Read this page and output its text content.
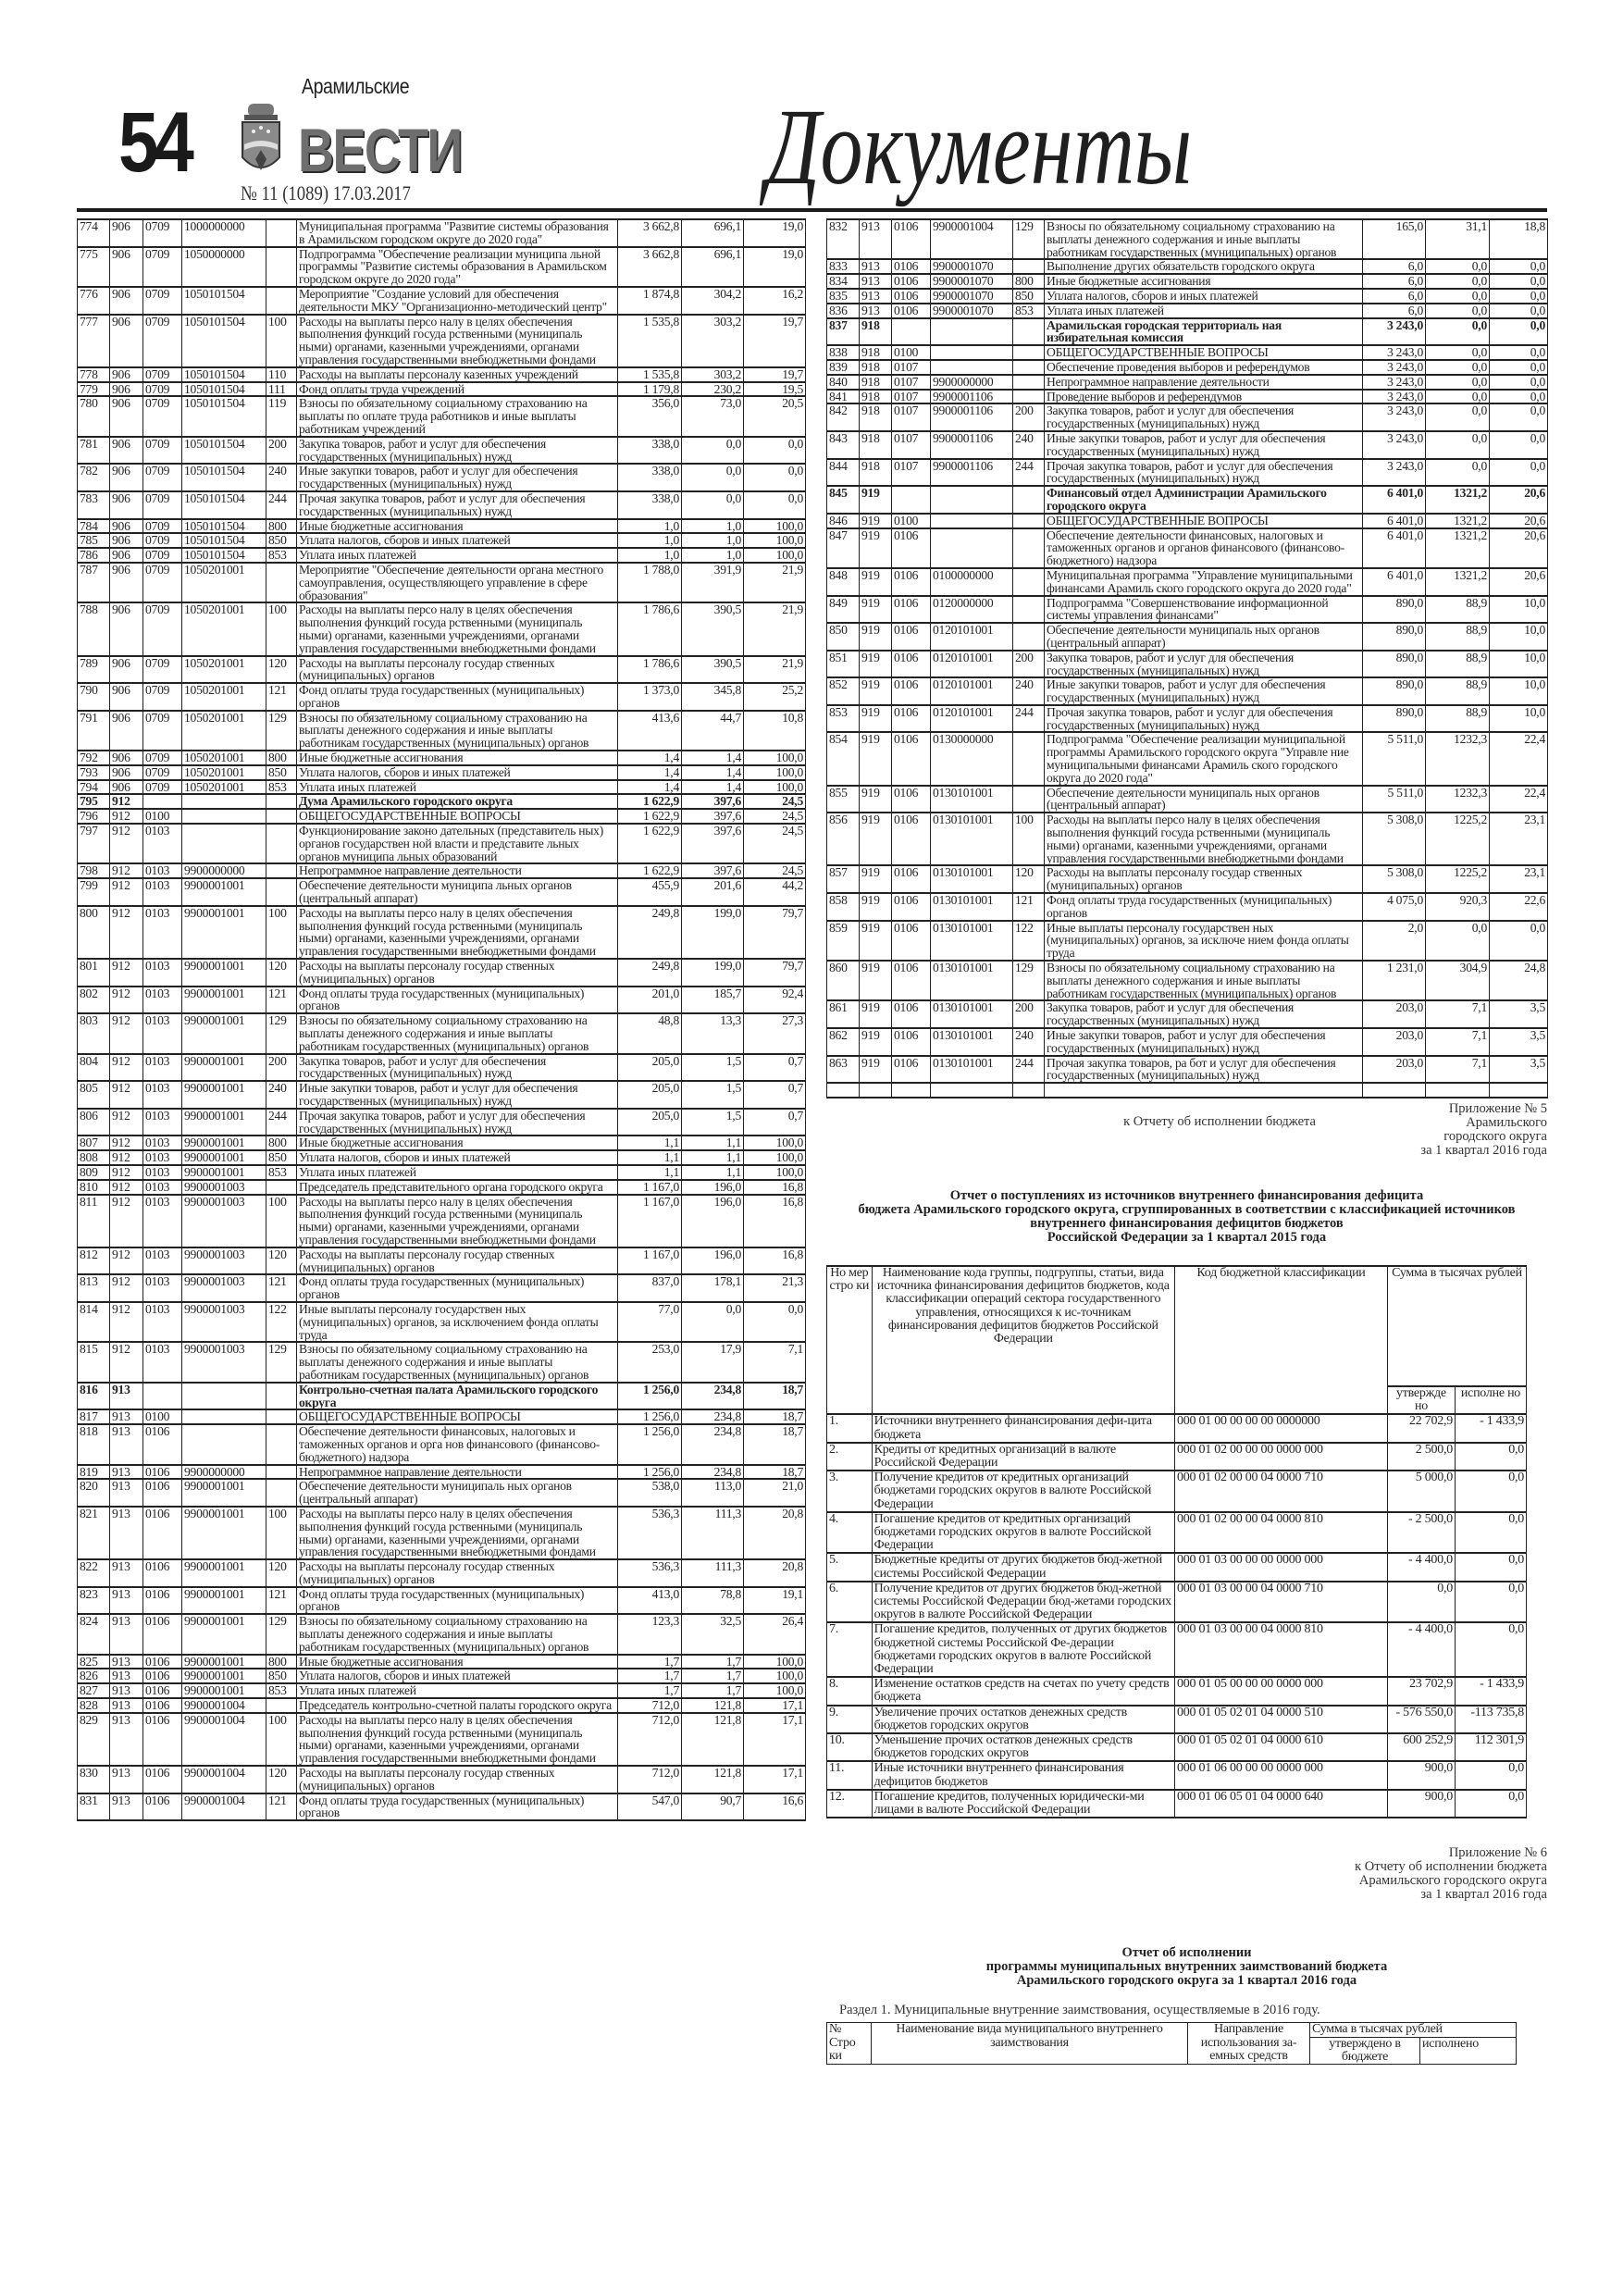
54
Арамильские
ВЕСТИ
№ 11 (1089) 17.03.2017	Документы
774	906	0709	1000000000		Муниципальная программа "Развитие системы образования в Арамильском городском округе до 2020 года"	3 662,8	696,1	19,0
775	906	0709	1050000000		Подпрограмма "Обеспечение реализации муниципа льной программы "Развитие системы образования в Арамильском городском округе до 2020 года"	3 662,8	696,1	19,0
776	906	0709	1050101504		Мероприятие "Создание условий для обеспечения деятельности МКУ "Организационно-методический центр"	1 874,8	304,2	16,2
777	906	0709	1050101504	100	Расходы на выплаты персо налу в целях обеспечения выполнения функций госуда рственными (муниципаль ными) органами, казенными учреждениями, органами управления государственными внебюджетными фондами	1 535,8	303,2	19,7
778	906	0709	1050101504	110	Расходы на выплаты персоналу казенных учреждений	1 535,8	303,2	19,7
779	906	0709	1050101504	111	Фонд оплаты труда учреждений	1 179,8	230,2	19,5
780	906	0709	1050101504	119	Взносы по обязательному социальному страхованию на выплаты по оплате труда работников и иные выплаты работникам учреждений	356,0	73,0	20,5
781	906	0709	1050101504	200	Закупка товаров, работ и услуг для обеспечения государственных (муниципальных) нужд	338,0	0,0	0,0
782	906	0709	1050101504	240	Иные закупки товаров, работ и услуг для обеспечения государственных (муниципальных) нужд	338,0	0,0	0,0
783	906	0709	1050101504	244	Прочая закупка товаров, работ и услуг для обеспечения государственных (муниципальных) нужд	338,0	0,0	0,0
784	906	0709	1050101504	800	Иные бюджетные ассигнования	1,0	1,0	100,0
785	906	0709	1050101504	850	Уплата налогов, сборов и иных платежей	1,0	1,0	100,0
786	906	0709	1050101504	853	Уплата иных платежей	1,0	1,0	100,0
787	906	0709	1050201001		Мероприятие "Обеспечение деятельности органа местного самоуправления, осуществляющего управление в сфере образования"	1 788,0	391,9	21,9
788	906	0709	1050201001	100	Расходы на выплаты персо налу в целях обеспечения выполнения функций госуда рственными (муниципаль ными) органами, казенными учреждениями, органами управления государственными внебюджетными фондами	1 786,6	390,5	21,9
789	906	0709	1050201001	120	Расходы на выплаты персоналу государ ственных (муниципальных) органов	1 786,6	390,5	21,9
790	906	0709	1050201001	121	Фонд оплаты труда государственных (муниципальных) органов	1 373,0	345,8	25,2
791	906	0709	1050201001	129	Взносы по обязательному социальному страхованию на выплаты денежного содержания и иные выплаты работникам государственных (муниципальных) органов	413,6	44,7	10,8
792	906	0709	1050201001	800	Иные бюджетные ассигнования	1,4	1,4	100,0
793	906	0709	1050201001	850	Уплата налогов, сборов и иных платежей	1,4	1,4	100,0
794	906	0709	1050201001	853	Уплата иных платежей	1,4	1,4	100,0
795	912				Дума Арамильского городского округа	1 622,9	397,6	24,5
796	912	0100			ОБЩЕГОСУДАРСТВЕННЫЕ ВОПРОСЫ	1 622,9	397,6	24,5
797	912	0103			Функционирование законо дательных (представитель ных) органов государствен ной власти и представите льных органов муниципа льных образований	1 622,9	397,6	24,5
798	912	0103	9900000000		Непрограммное направление деятельности	1 622,9	397,6	24,5
799	912	0103	9900001001		Обеспечение деятельности муниципа льных органов (центральный аппарат)	455,9	201,6	44,2
800	912	0103	9900001001	100	Расходы на выплаты персо налу в целях обеспечения выполнения функций госуда рственными (муниципаль ными) органами, казенными учреждениями, органами управления государственными внебюджетными фондами	249,8	199,0	79,7
801	912	0103	9900001001	120	Расходы на выплаты персоналу государ ственных (муниципальных) органов	249,8	199,0	79,7
802	912	0103	9900001001	121	Фонд оплаты труда государственных (муниципальных) органов	201,0	185,7	92,4
803	912	0103	9900001001	129	Взносы по обязательному социальному страхованию на выплаты денежного содержания и иные выплаты работникам государственных (муниципальных) органов	48,8	13,3	27,3
804	912	0103	9900001001	200	Закупка товаров, работ и услуг для обеспечения государственных (муниципальных) нужд	205,0	1,5	0,7
805	912	0103	9900001001	240	Иные закупки товаров, работ и услуг для обеспечения государственных (муниципальных) нужд	205,0	1,5	0,7
806	912	0103	9900001001	244	Прочая закупка товаров, работ и услуг для обеспечения государственных (муниципальных) нужд	205,0	1,5	0,7
807	912	0103	9900001001	800	Иные бюджетные ассигнования	1,1	1,1	100,0
808	912	0103	9900001001	850	Уплата налогов, сборов и иных платежей	1,1	1,1	100,0
809	912	0103	9900001001	853	Уплата иных платежей	1,1	1,1	100,0
810	912	0103	9900001003		Председатель представительного органа городского округа	1 167,0	196,0	16,8
811	912	0103	9900001003	100	Расходы на выплаты персо налу в целях обеспечения выполнения функций госуда рственными (муниципаль ными) органами, казенными учреждениями, органами управления государственными внебюджетными фондами	1 167,0	196,0	16,8
812	912	0103	9900001003	120	Расходы на выплаты персоналу государ ственных (муниципальных) органов	1 167,0	196,0	16,8
813	912	0103	9900001003	121	Фонд оплаты труда государственных (муниципальных) органов	837,0	178,1	21,3
814	912	0103	9900001003	122	Иные выплаты персоналу государствен ных (муниципальных) органов, за исключением фонда оплаты труда	77,0	0,0	0,0
815	912	0103	9900001003	129	Взносы по обязательному социальному страхованию на выплаты денежного содержания и иные выплаты работникам государственных (муниципальных) органов	253,0	17,9	7,1
816	913				Контрольно-счетная палата Арамильского городского округа	1 256,0	234,8	18,7
817	913	0100			ОБЩЕГОСУДАРСТВЕННЫЕ ВОПРОСЫ	1 256,0	234,8	18,7
818	913	0106			Обеспечение деятельности финансовых, налоговых и таможенных органов и орга нов финансового (финансово-бюджетного) надзора	1 256,0	234,8	18,7
819	913	0106	9900000000		Непрограммное направление деятельности	1 256,0	234,8	18,7
820	913	0106	9900001001		Обеспечение деятельности муниципаль ных органов (центральный аппарат)	538,0	113,0	21,0
821	913	0106	9900001001	100	Расходы на выплаты персо налу в целях обеспечения выполнения функций госуда рственными (муниципаль ными) органами, казенными учреждениями, органами управления государственными внебюджетными фондами	536,3	111,3	20,8
822	913	0106	9900001001	120	Расходы на выплаты персоналу государ ственных (муниципальных) органов	536,3	111,3	20,8
823	913	0106	9900001001	121	Фонд оплаты труда государственных (муниципальных) органов	413,0	78,8	19,1
824	913	0106	9900001001	129	Взносы по обязательному социальному страхованию на выплаты денежного содержания и иные выплаты работникам государственных (муниципальных) органов	123,3	32,5	26,4
825	913	0106	9900001001	800	Иные бюджетные ассигнования	1,7	1,7	100,0
826	913	0106	9900001001	850	Уплата налогов, сборов и иных платежей	1,7	1,7	100,0
827	913	0106	9900001001	853	Уплата иных платежей	1,7	1,7	100,0
828	913	0106	9900001004		Председатель контрольно-счетной палаты городского округа	712,0	121,8	17,1
829	913	0106	9900001004	100	Расходы на выплаты персо налу в целях обеспечения выполнения функций госуда рственными (муниципаль ными) органами, казенными учреждениями, органами управления государственными внебюджетными фондами	712,0	121,8	17,1
830	913	0106	9900001004	120	Расходы на выплаты персоналу государ ственных (муниципальных) органов	712,0	121,8	17,1
831	913	0106	9900001004	121	Фонд оплаты труда государственных (муниципальных) органов	547,0	90,7	16,6
832	913	0106	9900001004	129	Взносы по обязательному социальному страхованию на выплаты денежного содержания и иные выплаты работникам государственных (муниципальных) органов	165,0	31,1	18,8
833	913	0106	9900001070		Выполнение других обязательств городского округа	6,0	0,0	0,0
834	913	0106	9900001070	800	Иные бюджетные ассигнования	6,0	0,0	0,0
835	913	0106	9900001070	850	Уплата налогов, сборов и иных платежей	6,0	0,0	0,0
836	913	0106	9900001070	853	Уплата иных платежей	6,0	0,0	0,0
837	918				Арамильская городская территориаль ная избирательная комиссия	3 243,0	0,0	0,0
838	918	0100			ОБЩЕГОСУДАРСТВЕННЫЕ ВОПРОСЫ	3 243,0	0,0	0,0
839	918	0107			Обеспечение проведения выборов и референдумов	3 243,0	0,0	0,0
840	918	0107	9900000000		Непрограммное направление деятельности	3 243,0	0,0	0,0
841	918	0107	9900001106		Проведение выборов и референдумов	3 243,0	0,0	0,0
842	918	0107	9900001106	200	Закупка товаров, работ и услуг для обеспечения государственных (муниципальных) нужд	3 243,0	0,0	0,0
843	918	0107	9900001106	240	Иные закупки товаров, работ и услуг для обеспечения государственных (муниципальных) нужд	3 243,0	0,0	0,0
844	918	0107	9900001106	244	Прочая закупка товаров, работ и услуг для обеспечения государственных (муниципальных) нужд	3 243,0	0,0	0,0
845	919				Финансовый отдел Администрации Арамильского городского округа	6 401,0	1321,2	20,6
846	919	0100			ОБЩЕГОСУДАРСТВЕННЫЕ ВОПРОСЫ	6 401,0	1321,2	20,6
847	919	0106			Обеспечение деятельности финансовых, налоговых и таможенных органов и органов финансового (финансово-бюджетного) надзора	6 401,0	1321,2	20,6
848	919	0106	0100000000		Муниципальная программа "Управление муниципальными финансами Арамиль ского городского округа до 2020 года"	6 401,0	1321,2	20,6
849	919	0106	0120000000		Подпрограмма "Совершенствование информационной системы управления финансами"	890,0	88,9	10,0
850	919	0106	0120101001		Обеспечение деятельности муниципаль ных органов (центральный аппарат)	890,0	88,9	10,0
851	919	0106	0120101001	200	Закупка товаров, работ и услуг для обеспечения государственных (муниципальных) нужд	890,0	88,9	10,0
852	919	0106	0120101001	240	Иные закупки товаров, работ и услуг для обеспечения государственных (муниципальных) нужд	890,0	88,9	10,0
853	919	0106	0120101001	244	Прочая закупка товаров, работ и услуг для обеспечения государственных (муниципальных) нужд	890,0	88,9	10,0
854	919	0106	0130000000		Подпрограмма "Обеспечение реализации муниципальной программы Арамильского городского округа "Управле ние муниципальными финансами Арамиль ского городского округа до 2020 года"	5 511,0	1232,3	22,4
855	919	0106	0130101001		Обеспечение деятельности муниципаль ных органов (центральный аппарат)	5 511,0	1232,3	22,4
856	919	0106	0130101001	100	Расходы на выплаты персо налу в целях обеспечения выполнения функций госуда рственными (муниципаль ными) органами, казенными учреждениями, органами управления государственными внебюджетными фондами	5 308,0	1225,2	23,1
857	919	0106	0130101001	120	Расходы на выплаты персоналу государ ственных (муниципальных) органов	5 308,0	1225,2	23,1
858	919	0106	0130101001	121	Фонд оплаты труда государственных (муниципальных) органов	4 075,0	920,3	22,6
859	919	0106	0130101001	122	Иные выплаты персоналу государствен ных (муниципальных) органов, за исключе нием фонда оплаты труда	2,0	0,0	0,0
860	919	0106	0130101001	129	Взносы по обязательному социальному страхованию на выплаты денежного содержания и иные выплаты работникам государственных (муниципальных) органов	1 231,0	304,9	24,8
861	919	0106	0130101001	200	Закупка товаров, работ и услуг для обеспечения государственных (муниципальных) нужд	203,0	7,1	3,5
862	919	0106	0130101001	240	Иные закупки товаров, работ и услуг для обеспечения государственных (муниципальных) нужд	203,0	7,1	3,5
863	919	0106	0130101001	244	Прочая закупка товаров, ра бот и услуг для обеспечения государственных (муниципальных) нужд	203,0	7,1	3,5

к Отчету об исполнении бюджета
Приложение № 5
Арамильского
городского округа
за 1 квартал 2016 года
Отчет о поступлениях из источников внутреннего финансирования дефицита
бюджета Арамильского городского округа, сгруппированных в соответствии с классификацией источников
внутреннего финансирования дефицитов бюджетов
Российской Федерации за 1 квартал 2015 года
Но мер стро ки	Наименование кода группы, подгруппы, статьи, вида источника финансирования дефицитов бюджетов, кода классификации операций сектора государственного управления, относящихся к ис-точникам финансирования дефицитов бюджетов Российской Федерации	Код бюджетной классификации	Сумма в тысячах рублей	
			утвержде но	исполне но
1.	Источники внутреннего финансирования дефи-цита бюджета	000 01 00 00 00 00 0000000	22 702,9	- 1 433,9
2.	Кредиты от кредитных организаций в валюте Российской Федерации	000 01 02 00 00 00 0000 000	2 500,0	0,0
3.	Получение кредитов от кредитных организаций бюджетами городских округов в валюте Российской Федерации	000 01 02 00 00 04 0000 710	5 000,0	0,0
4.	Погашение кредитов от кредитных организаций бюджетами городских округов в валюте Российской Федерации	000 01 02 00 00 04 0000 810	- 2 500,0	0,0
5.	Бюджетные кредиты от других бюджетов бюд-жетной системы Российской Федерации	000 01 03 00 00 00 0000 000	- 4 400,0	0,0
6.	Получение кредитов от других бюджетов бюд-жетной системы Российской Федерации бюд-жетами городских округов в валюте Российской Федерации	000 01 03 00 00 04 0000 710	0,0	0,0
7.	Погашение кредитов, полученных от других бюджетов бюджетной системы Российской Фе-дерации бюджетами городских округов в валюте Российской Федерации	000 01 03 00 00 04 0000 810	- 4 400,0	0,0
8.	Изменение остатков средств на счетах по учету средств бюджета	000 01 05 00 00 00 0000 000	23 702,9	- 1 433,9
9.	Увеличение прочих остатков денежных средств бюджетов городских округов	000 01 05 02 01 04 0000 510	- 576 550,0	-113 735,8
10.	Уменьшение прочих остатков денежных средств бюджетов городских округов	000 01 05 02 01 04 0000 610	600 252,9	112 301,9
11.	Иные источники внутреннего финансирования дефицитов бюджетов	000 01 06 00 00 00 0000 000	900,0	0,0
12.	Погашение кредитов, полученных юридически-ми лицами в валюте Российской Федерации	000 01 06 05 01 04 0000 640	900,0	0,0
Приложение № 6
к Отчету об исполнении бюджета
Арамильского городского округа
за 1 квартал 2016 года
Отчет об исполнении
программы муниципальных внутренних заимствований бюджета
Арамильского городского округа за 1 квартал 2016 года
Раздел 1. Муниципальные внутренние заимствования, осуществляемые в 2016 году.
№ Стро ки	Наименование вида муниципального внутреннего заимствования	Направление использования за-емных средств	Сумма в тысячах рублей	
			утверждено в бюджете	исполнено
